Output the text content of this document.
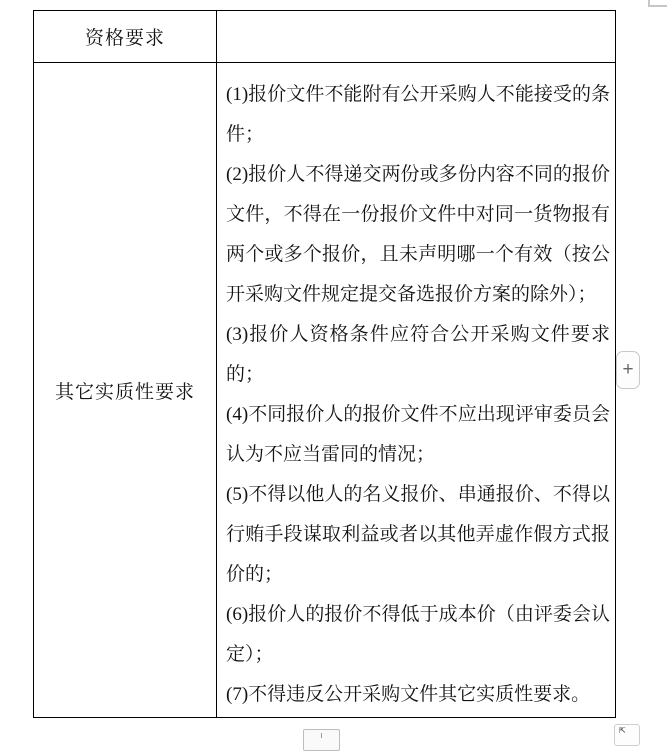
资格要求
其它实质性要求

(1)报价文件不能附有公开采购人不能接受的条件；

(2)报价人不得递交两份或多份内容不同的报价文件，不得在一份报价文件中对同一货物报有两个或多个报价，且未声明哪一个有效（按公开采购文件规定提交备选报价方案的除外）；

(3)报价人资格条件应符合公开采购文件要求的；

(4)不同报价人的报价文件不应出现评审委员会认为不应当雷同的情况；

(5)不得以他人的名义报价、串通报价、不得以行贿手段谋取利益或者以其他弄虚作假方式报价的；

(6)报价人的报价不得低于成本价（由评委会认定）；

(7)不得违反公开采购文件其它实质性要求。

+
⇱
